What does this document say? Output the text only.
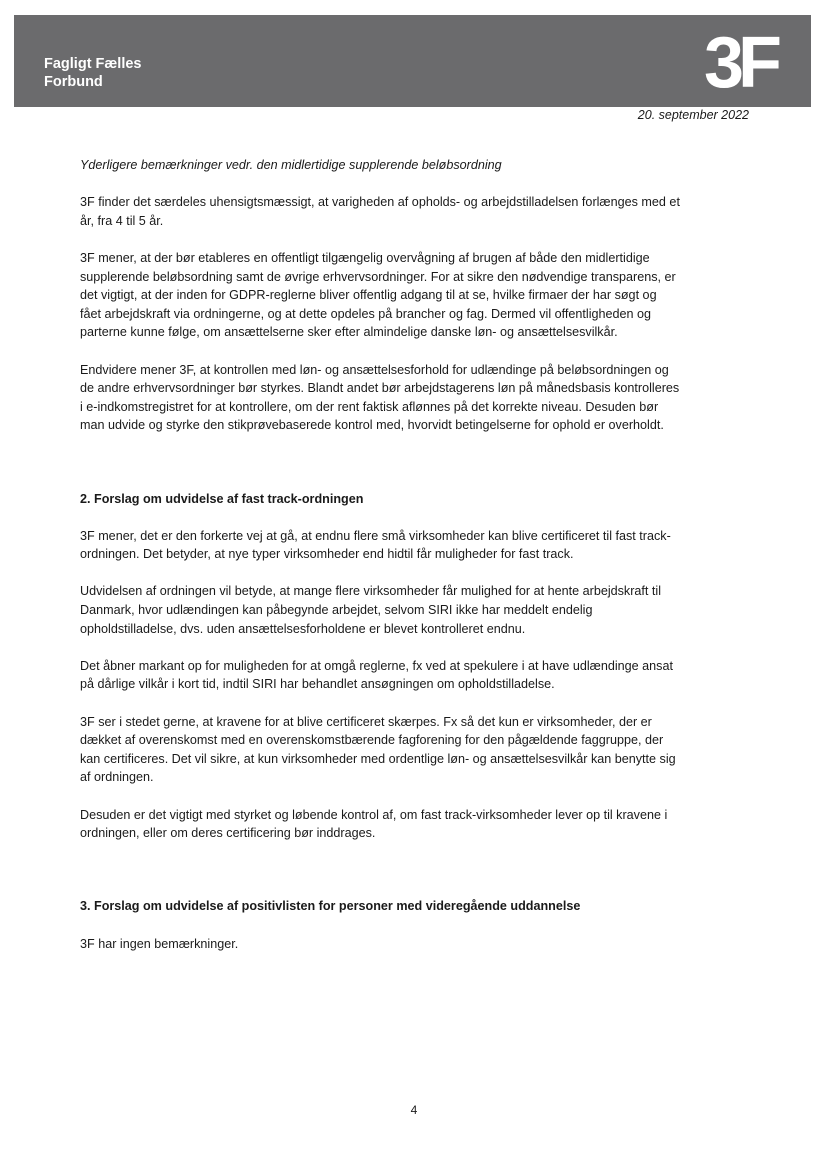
Fagligt Fælles
Forbund	3F
20. september 2022

Yderligere bemærkninger vedr. den midlertidige supplerende beløbsordning

3F finder det særdeles uhensigtsmæssigt, at varigheden af opholds- og arbejdstilladelsen forlænges med et år, fra 4 til 5 år.

3F mener, at der bør etableres en offentligt tilgængelig overvågning af brugen af både den midlertidige supplerende beløbsordning samt de øvrige erhvervsordninger. For at sikre den nødvendige transparens, er det vigtigt, at der inden for GDPR-reglerne bliver offentlig adgang til at se, hvilke firmaer der har søgt og fået arbejdskraft via ordningerne, og at dette opdeles på brancher og fag. Dermed vil offentligheden og parterne kunne følge, om ansættelserne sker efter almindelige danske løn- og ansættelsesvilkår.

Endvidere mener 3F, at kontrollen med løn- og ansættelsesforhold for udlændinge på beløbsordningen og de andre erhvervsordninger bør styrkes. Blandt andet bør arbejdstagerens løn på månedsbasis kontrolleres i e-indkomstregistret for at kontrollere, om der rent faktisk aflønnes på det korrekte niveau. Desuden bør man udvide og styrke den stikprøvebaserede kontrol med, hvorvidt betingelserne for ophold er overholdt.

2. Forslag om udvidelse af fast track-ordningen

3F mener, det er den forkerte vej at gå, at endnu flere små virksomheder kan blive certificeret til fast track-ordningen. Det betyder, at nye typer virksomheder end hidtil får muligheder for fast track.

Udvidelsen af ordningen vil betyde, at mange flere virksomheder får mulighed for at hente arbejdskraft til Danmark, hvor udlændingen kan påbegynde arbejdet, selvom SIRI ikke har meddelt endelig opholdstilladelse, dvs. uden ansættelsesforholdene er blevet kontrolleret endnu.

Det åbner markant op for muligheden for at omgå reglerne, fx ved at spekulere i at have udlændinge ansat på dårlige vilkår i kort tid, indtil SIRI har behandlet ansøgningen om opholdstilladelse.

3F ser i stedet gerne, at kravene for at blive certificeret skærpes. Fx så det kun er virksomheder, der er dækket af overenskomst med en overenskomstbærende fagforening for den pågældende faggruppe, der kan certificeres. Det vil sikre, at kun virksomheder med ordentlige løn- og ansættelsesvilkår kan benytte sig af ordningen.

Desuden er det vigtigt med styrket og løbende kontrol af, om fast track-virksomheder lever op til kravene i ordningen, eller om deres certificering bør inddrages.

3. Forslag om udvidelse af positivlisten for personer med videregående uddannelse

3F har ingen bemærkninger.

4
